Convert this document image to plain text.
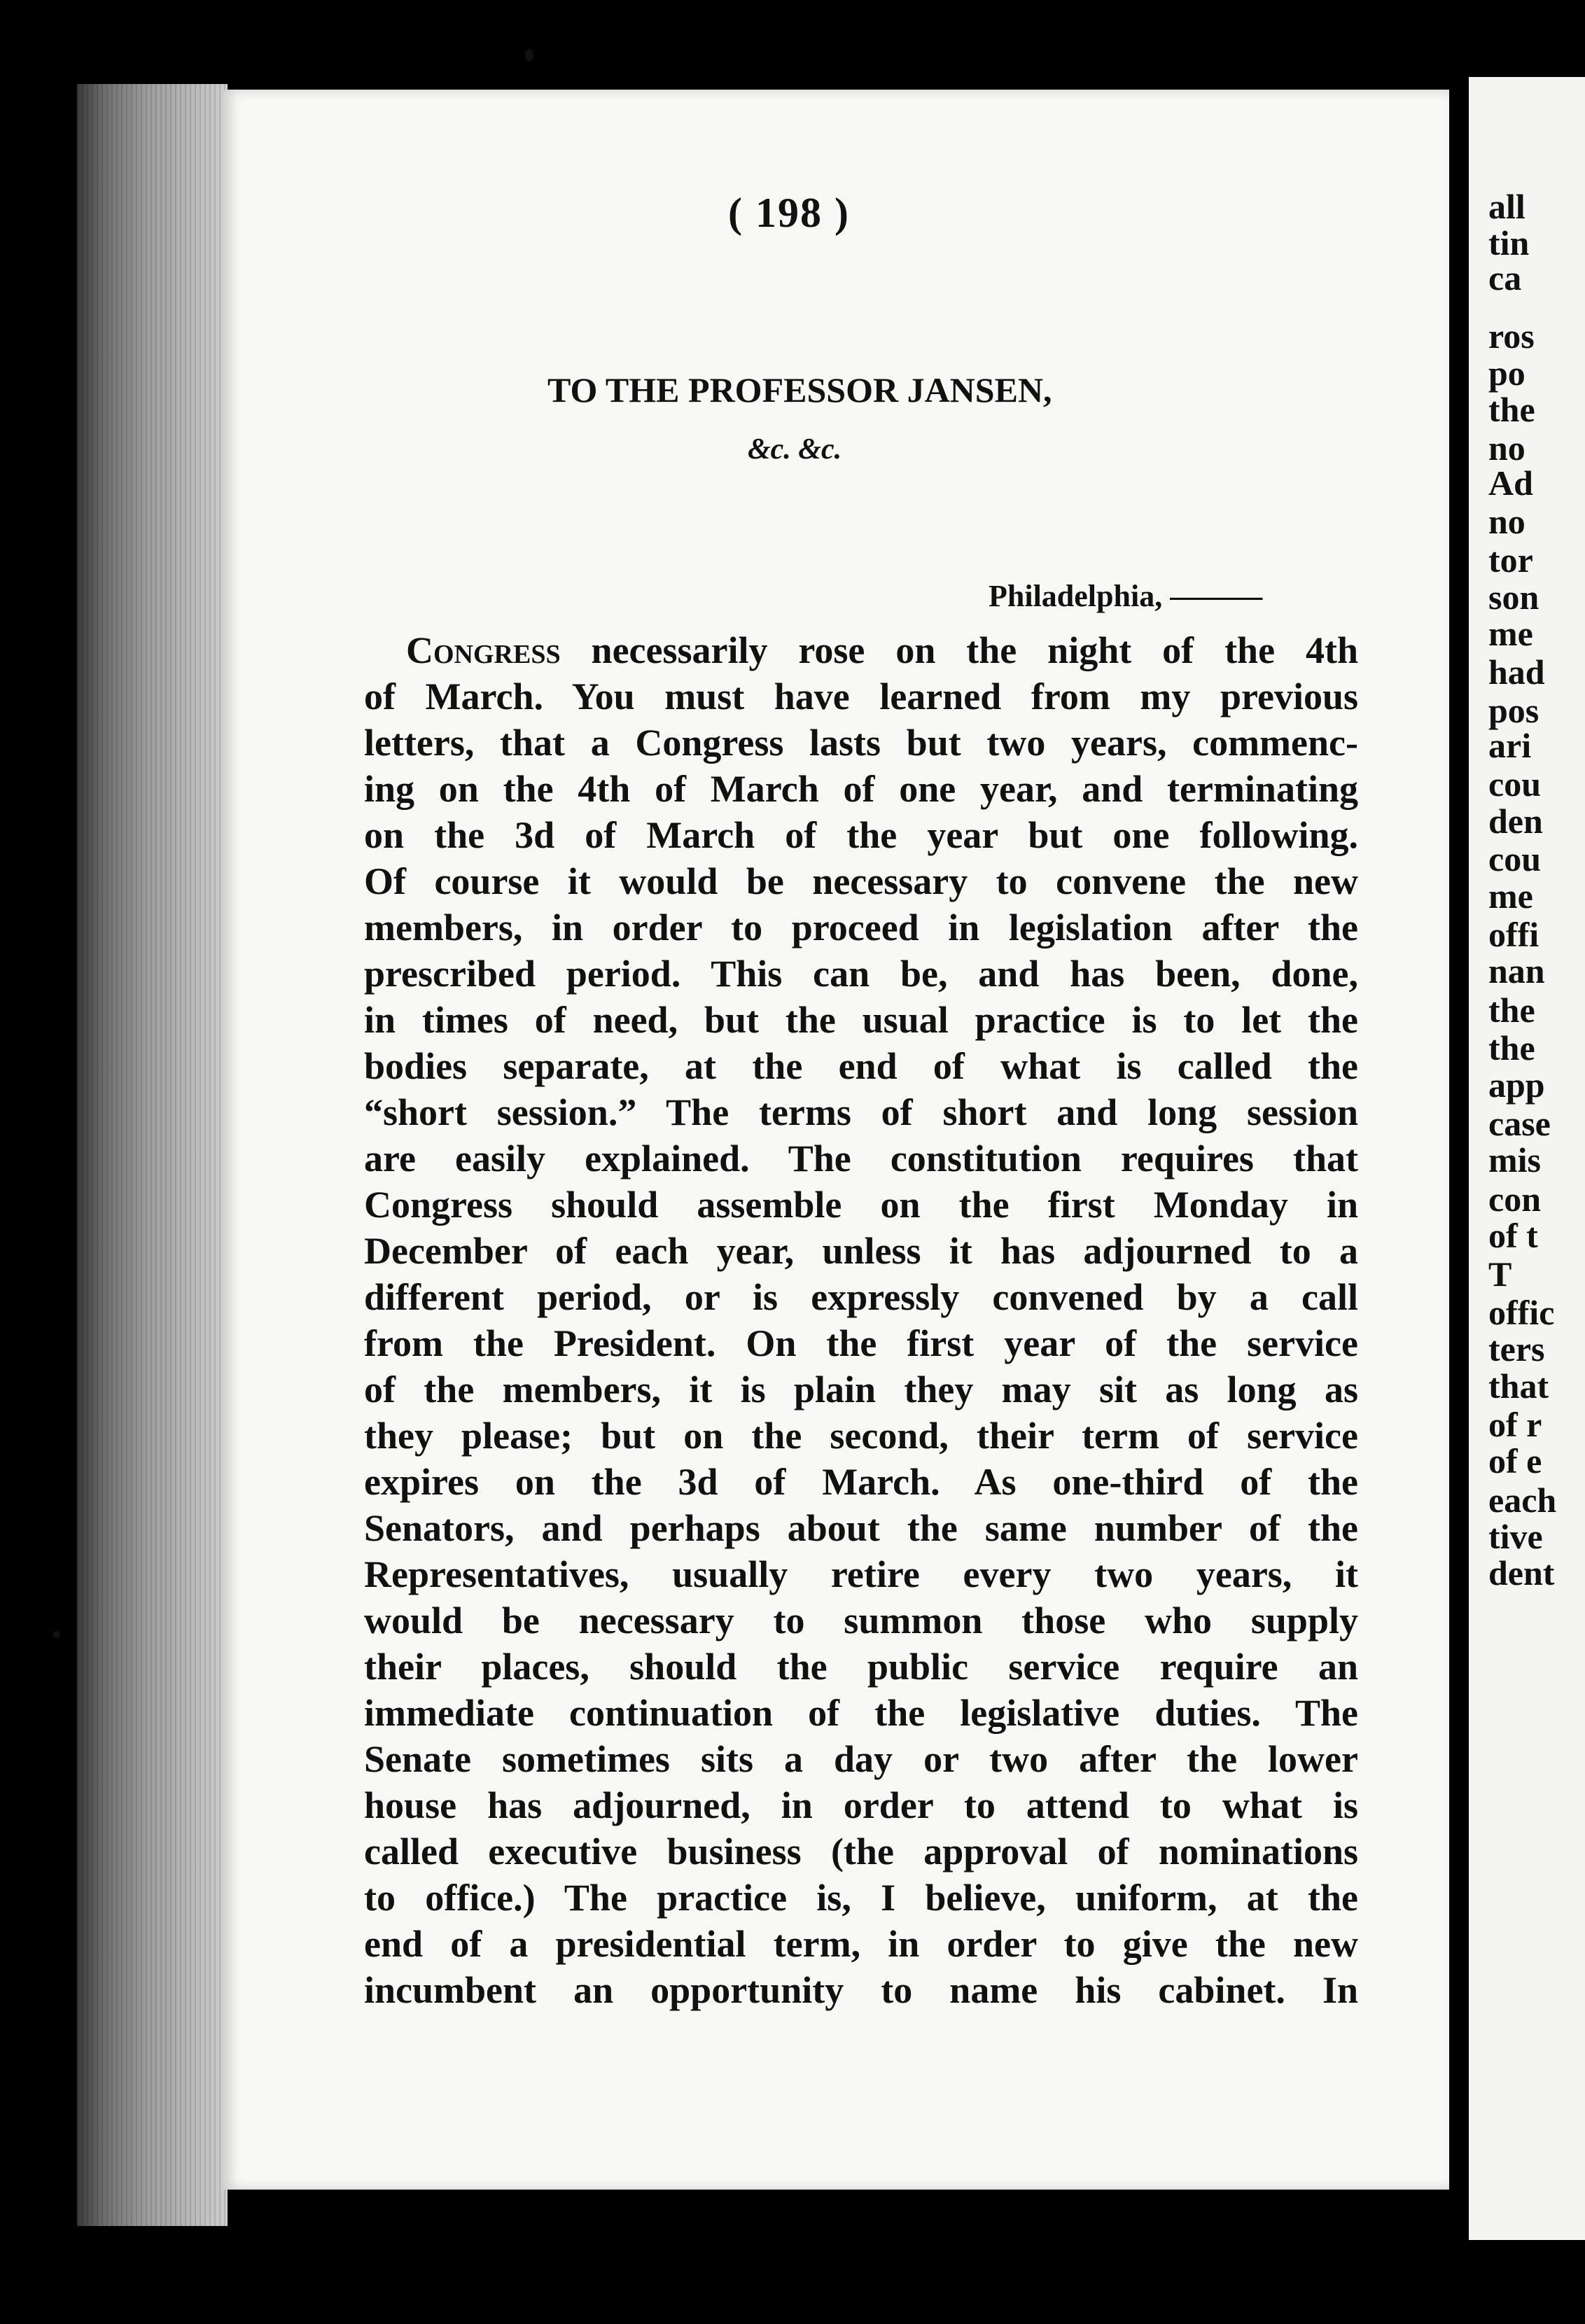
( 198 )
TO THE PROFESSOR JANSEN,
&c. &c.
Philadelphia, ———
Congress necessarily rose on the night of the 4th
of March. You must have learned from my previous
letters, that a Congress lasts but two years, commenc-
ing on the 4th of March of one year, and terminating
on the 3d of March of the year but one following.
Of course it would be necessary to convene the new
members, in order to proceed in legislation after the
prescribed period. This can be, and has been, done,
in times of need, but the usual practice is to let the
bodies separate, at the end of what is called the
“short session.” The terms of short and long session
are easily explained. The constitution requires that
Congress should assemble on the first Monday in
December of each year, unless it has adjourned to a
different period, or is expressly convened by a call
from the President. On the first year of the service
of the members, it is plain they may sit as long as
they please; but on the second, their term of service
expires on the 3d of March. As one-third of the
Senators, and perhaps about the same number of the
Representatives, usually retire every two years, it
would be necessary to summon those who supply
their places, should the public service require an
immediate continuation of the legislative duties. The
Senate sometimes sits a day or two after the lower
house has adjourned, in order to attend to what is
called executive business (the approval of nominations
to office.) The practice is, I believe, uniform, at the
end of a presidential term, in order to give the new
incumbent an opportunity to name his cabinet. In
all
tin
ca
ros
po
the
no
Ad
no
tor
son
me
had
pos
ari
cou
den
cou
me
offi
nan
the
the
app
case
mis
con
of t
T
offic
ters
that
of r
of e
each
tive
dent
